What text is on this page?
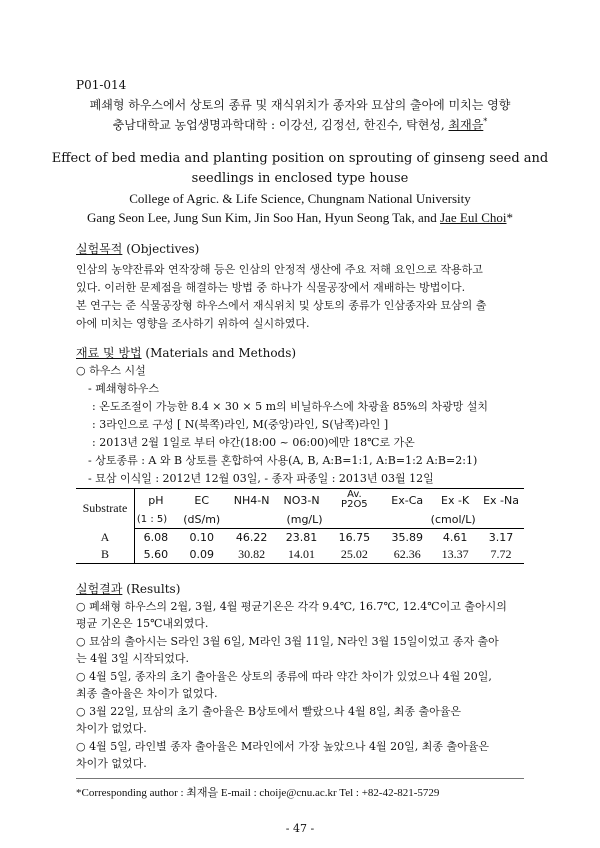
P01-014
폐쇄형 하우스에서 상토의 종류 및 재식위치가 종자와 묘삼의 출아에 미치는 영향
충남대학교 농업생명과학대학 : 이강선, 김정선, 한진수, 탁현성, 최재을*
Effect of bed media and planting position on sprouting of ginseng seed and
seedlings in enclosed type house
College of Agric. & Life Science, Chungnam National University
Gang Seon Lee, Jung Sun Kim, Jin Soo Han, Hyun Seong Tak, and Jae Eul Choi*
실험목적 (Objectives)
인삼의 농약잔류와 연작장해 등은 인삼의 안정적 생산에 주요 저해 요인으로 작용하고
있다. 이러한 문제점을 해결하는 방법 중 하나가 식물공장에서 재배하는 방법이다.
본 연구는 준 식물공장형 하우스에서 재식위치 및 상토의 종류가 인삼종자와 묘삼의 출
아에 미치는 영향을 조사하기 위하여 실시하였다.
재료 및 방법 (Materials and Methods)
○ 하우스 시설
- 폐쇄형하우스
: 온도조절이 가능한 8.4 × 30 × 5 m의 비닐하우스에 차광율 85%의 차광망 설치
: 3라인으로 구성 [ N(북쪽)라인, M(중앙)라인, S(남쪽)라인 ]
: 2013년 2월 1일로 부터 야간(18:00 ~ 06:00)에만 18℃로 가온
- 상토종류 : A 와 B 상토를 혼합하여 사용(A, B, A:B=1:1, A:B=1:2 A:B=2:1)
- 묘삼 이식일 : 2012년 12월 03일, - 종자 파종일 : 2013년 03월 12일
Substrate	pH	EC	NH4-N	NO3-N	Av.
P2O5	Ex-Ca	Ex -K	Ex -Na
	(1 : 5)	(dS/m)	(mg/L)			(cmol/L)		
A	6.08	0.10	46.22	23.81	16.75	35.89	4.61	3.17
B	5.60	0.09	30.82	14.01	25.02	62.36	13.37	7.72
실험결과 (Results)
○ 폐쇄형 하우스의 2월, 3월, 4월 평균기온은 각각 9.4℃, 16.7℃, 12.4℃이고 출아시의
평균 기온은 15℃내외였다.
○ 묘삼의 출아시는 S라인 3월 6일, M라인 3월 11일, N라인 3월 15일이었고 종자 출아
는 4월 3일 시작되었다.
○ 4월 5일, 종자의 초기 출아율은 상토의 종류에 따라 약간 차이가 있었으나 4월 20일,
최종 출아율은 차이가 없었다.
○ 3월 22일, 묘삼의 초기 출아율은 B상토에서 빨랐으나 4월 8일, 최종 출아율은
차이가 없었다.
○ 4월 5일, 라인별 종자 출아율은 M라인에서 가장 높았으나 4월 20일, 최종 출아율은
차이가 없었다.
*Corresponding author : 최재을 E-mail : choije@cnu.ac.kr Tel : +82-42-821-5729
- 47 -
